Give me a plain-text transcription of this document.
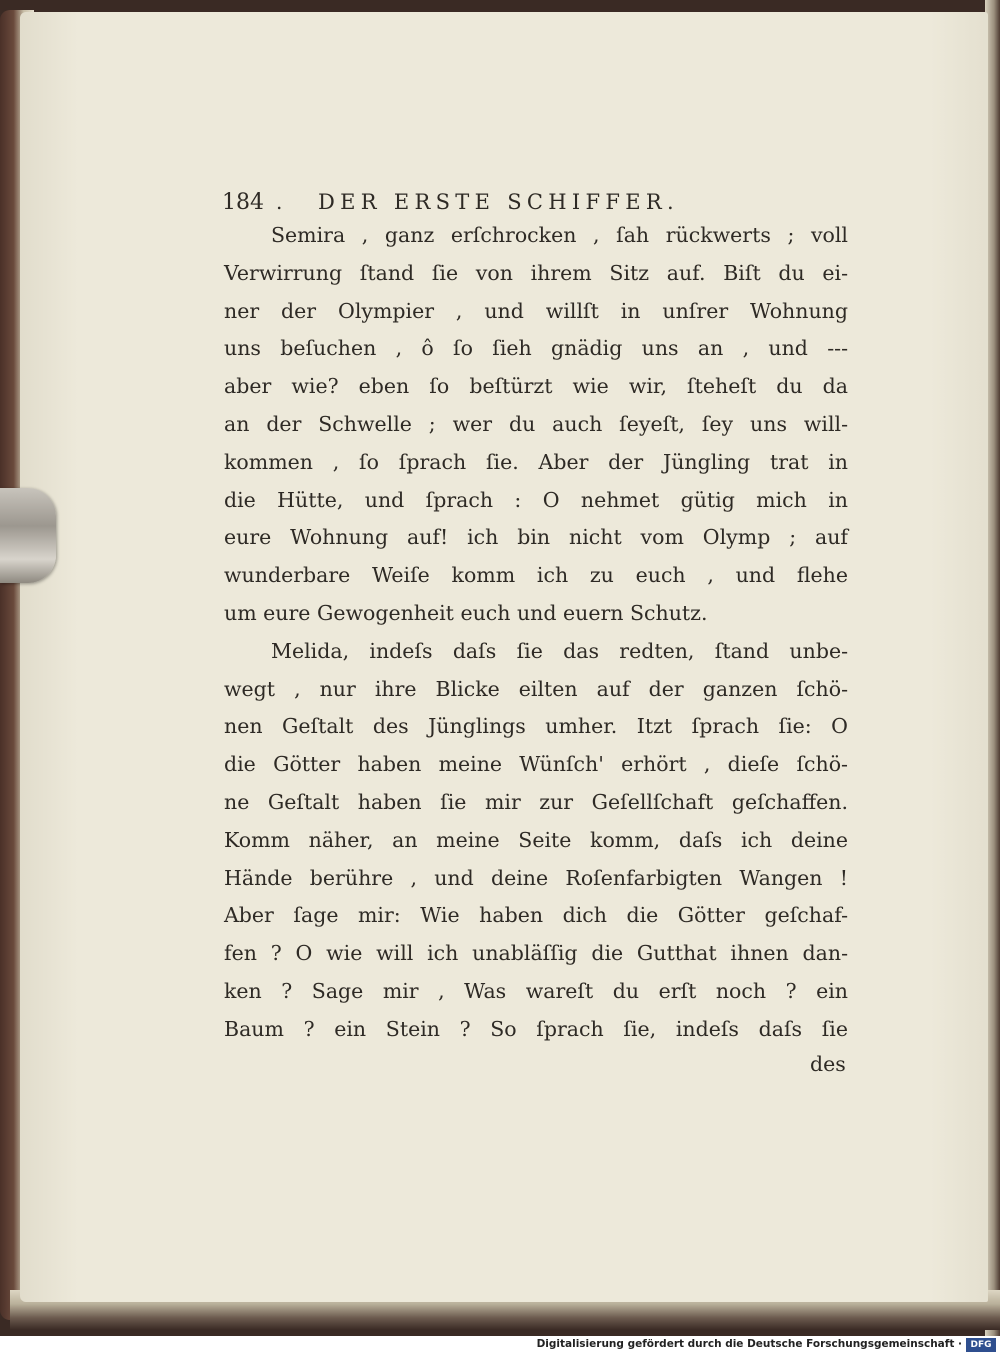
184 . DER ERSTE SCHIFFER.
Semira , ganz erſchrocken , ſah rückwerts ; voll
Verwirrung ſtand ſie von ihrem Sitz auf. Biſt du ei-
ner der Olympier , und willſt in unſrer Wohnung
uns beſuchen , ô ſo ſieh gnädig uns an , und ---
aber wie? eben ſo beſtürzt wie wir, ſteheſt du da
an der Schwelle ; wer du auch ſeyeſt, ſey uns will-
kommen , ſo ſprach ſie. Aber der Jüngling trat in
die Hütte, und ſprach : O nehmet gütig mich in
eure Wohnung auf! ich bin nicht vom Olymp ; auf
wunderbare Weiſe komm ich zu euch , und flehe
um eure Gewogenheit euch und euern Schutz.
Melida, indeſs daſs ſie das redten, ſtand unbe-
wegt , nur ihre Blicke eilten auf der ganzen ſchö-
nen Geſtalt des Jünglings umher. Itzt ſprach ſie: O
die Götter haben meine Wünſch' erhört , dieſe ſchö-
ne Geſtalt haben ſie mir zur Geſellſchaft geſchaffen.
Komm näher, an meine Seite komm, daſs ich deine
Hände berühre , und deine Roſenfarbigten Wangen !
Aber ſage mir: Wie haben dich die Götter geſchaf-
fen ? O wie will ich unabläſſig die Gutthat ihnen dan-
ken ? Sage mir , Was wareſt du erſt noch ? ein
Baum ? ein Stein ? So ſprach ſie, indeſs daſs ſie
des
Digitalisierung gefördert durch die Deutsche Forschungsgemeinschaft · DFG
